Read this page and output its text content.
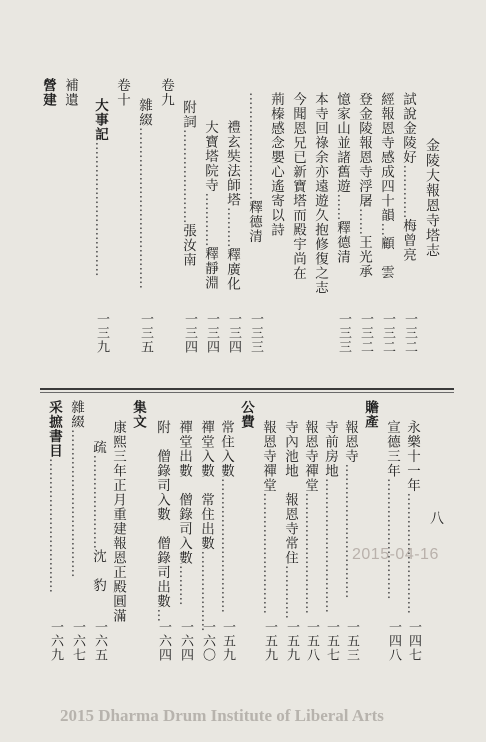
金陵大報恩寺塔志
八
試說金陵好…………梅曾亮
一三二
經報恩寺感成四十韻…顧　雲
一三二
登金陵報恩寺浮屠……王光承
一三二
憶家山並諸舊遊……釋德清
一三三
本寺回祿余亦遠遊久抱修復之志
今聞恩兄已新寶塔而殿宇尚在
荊榛感念嬰心遙寄以詩
……………………釋德清
一三三
禮玄奘法師塔………釋廣化
一三四
大寶塔院寺…………釋靜淵
一三四
附詞…………………張汝南
一三四
卷九
雜綴………………………………
一三五
卷十
大事記…………………………
一三九
補遺
營建
永樂十一年………………………
一四七
宣德三年………………………
一四八
贍產
報恩寺…………………………
一五三
寺前房地…………………………
一五七
報恩寺禪堂………………………
一五八
寺內池地　報恩寺常住…………
一五九
報恩寺禪堂………………………
一五九
公費
常住入數…………………………
一五九
禪堂入數　常住出數………………
一六〇
禪堂出數　僧錄司入數………
一六四
附　僧錄司入數　僧錄司出數…
一六四
集文
康熙三年正月重建報恩正殿圓滿
疏…………………沈　豹
一六五
雜綴……………………………
一六七
采摭書目…………………………
一六九
2015-04-16
2015 Dharma Drum Institute of Liberal Arts
